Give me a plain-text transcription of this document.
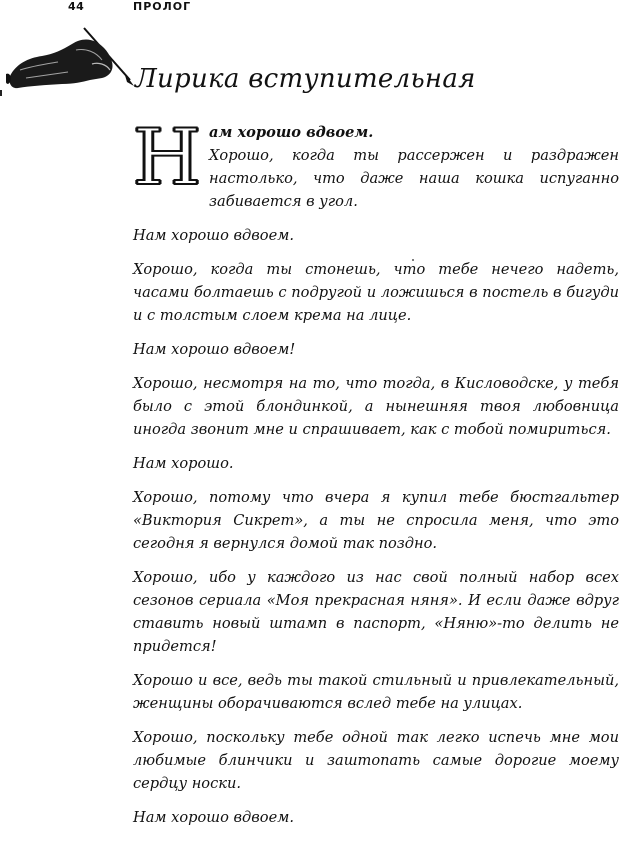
44	ПРОЛОГ
Лирика вступительная

Нам хорошо вдвоем.
Хорошо, когда ты рассержен и раздражен настолько, что даже наша кошка испуганно забивается в угол.

Нам хорошо вдвоем.

Хорошо, когда ты стонешь, что тебе нечего надеть, часами болтаешь с подругой и ложишься в постель в бигуди и с толстым слоем крема на лице.

Нам хорошо вдвоем!

Хорошо, несмотря на то, что тогда, в Кисловодске, у тебя было с этой блондинкой, а нынешняя твоя любовница иногда звонит мне и спрашивает, как с тобой помириться.

Нам хорошо.

Хорошо, потому что вчера я купил тебе бюстгальтер «Виктория Сикрет», а ты не спросила меня, что это сегодня я вернулся домой так поздно.

Хорошо, ибо у каждого из нас свой полный набор всех сезонов сериала «Моя прекрасная няня». И если даже вдруг ставить новый штамп в паспорт, «Няню»-то делить не придется!

Хорошо и все, ведь ты такой стильный и привлекательный, женщины оборачиваются вслед тебе на улицах.

Хорошо, поскольку тебе одной так легко испечь мне мои любимые блинчики и заштопать самые дорогие моему сердцу носки.

Нам хорошо вдвоем.
